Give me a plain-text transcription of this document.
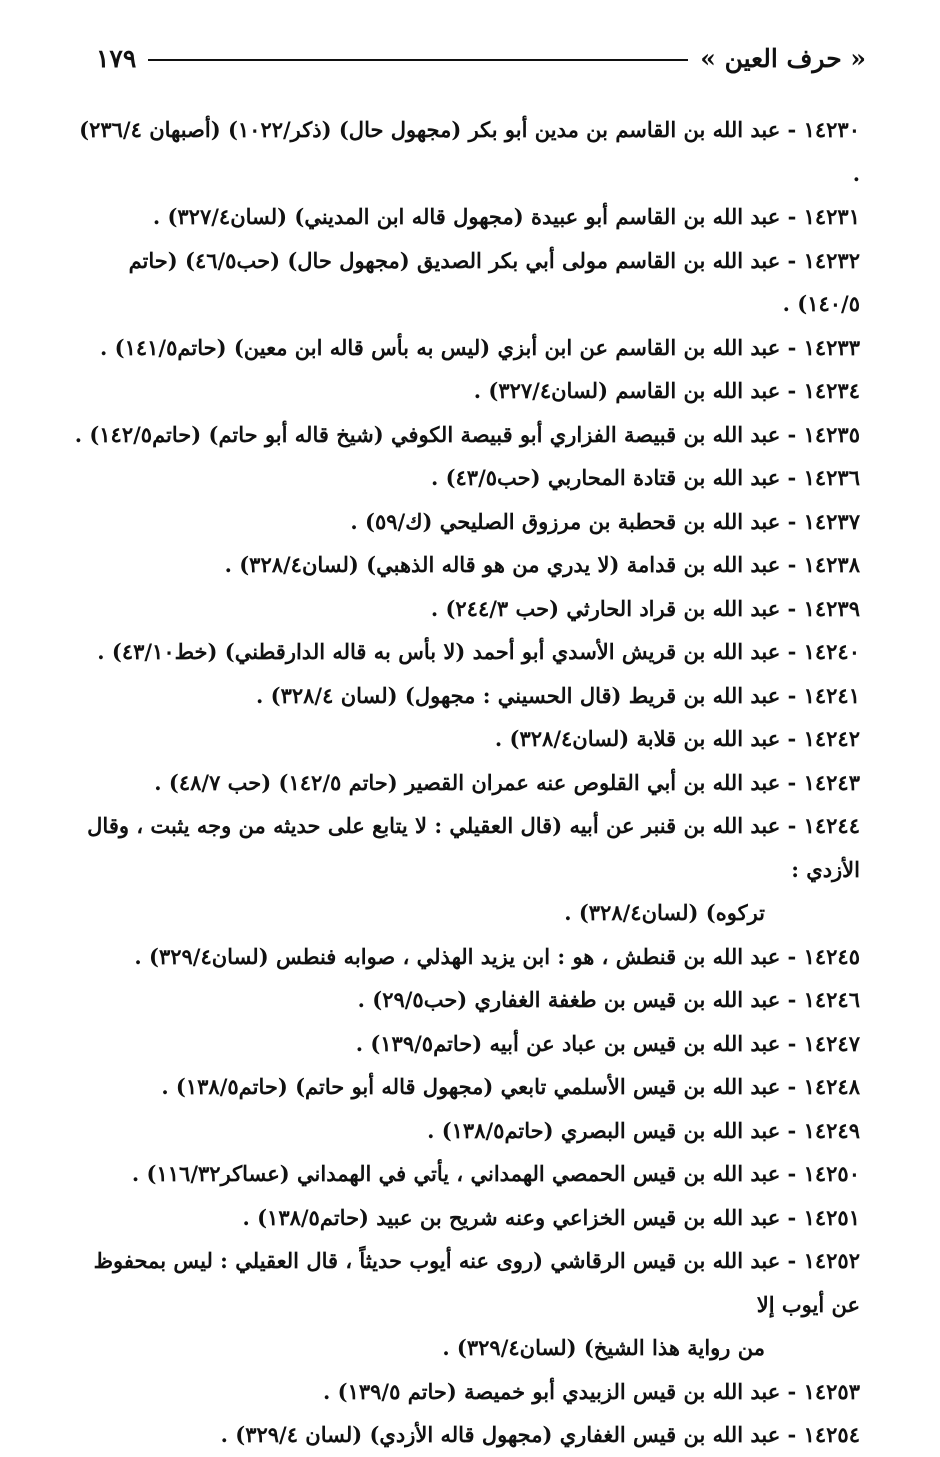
« حرف العين »
١٧٩
١٤٢٣٠ - عبد الله بن القاسم بن مدين أبو بكر (مجهول حال) (ذكر/١٠٢٢) (أصبهان ٢٣٦/٤) .
١٤٢٣١ - عبد الله بن القاسم أبو عبيدة (مجهول قاله ابن المديني) (لسان٣٢٧/٤) .
١٤٢٣٢ - عبد الله بن القاسم مولى أبي بكر الصديق (مجهول حال) (حب٤٦/٥) (حاتم ١٤٠/٥) .
١٤٢٣٣ - عبد الله بن القاسم عن ابن أبزي (ليس به بأس قاله ابن معين) (حاتم١٤١/٥) .
١٤٢٣٤ - عبد الله بن القاسم (لسان٣٢٧/٤) .
١٤٢٣٥ - عبد الله بن قبيصة الفزاري أبو قبيصة الكوفي (شيخ قاله أبو حاتم) (حاتم١٤٢/٥) .
١٤٢٣٦ - عبد الله بن قتادة المحاربي (حب٤٣/٥) .
١٤٢٣٧ - عبد الله بن قحطبة بن مرزوق الصليحي (ك/٥٩) .
١٤٢٣٨ - عبد الله بن قدامة (لا يدري من هو قاله الذهبي) (لسان٣٢٨/٤) .
١٤٢٣٩ - عبد الله بن قراد الحارثي (حب ٢٤٤/٣) .
١٤٢٤٠ - عبد الله بن قريش الأسدي أبو أحمد (لا بأس به قاله الدارقطني) (خط٤٣/١٠) .
١٤٢٤١ - عبد الله بن قريط (قال الحسيني : مجهول) (لسان ٣٢٨/٤) .
١٤٢٤٢ - عبد الله بن قلابة (لسان٣٢٨/٤) .
١٤٢٤٣ - عبد الله بن أبي القلوص عنه عمران القصير (حاتم ١٤٢/٥) (حب ٤٨/٧) .
١٤٢٤٤ - عبد الله بن قنبر عن أبيه (قال العقيلي : لا يتابع على حديثه من وجه يثبت ، وقال الأزدي :
تركوه) (لسان٣٢٨/٤) .
١٤٢٤٥ - عبد الله بن قنطش ، هو : ابن يزيد الهذلي ، صوابه فنطس (لسان٣٢٩/٤) .
١٤٢٤٦ - عبد الله بن قيس بن طغفة الغفاري (حب٢٩/٥) .
١٤٢٤٧ - عبد الله بن قيس بن عباد عن أبيه (حاتم١٣٩/٥) .
١٤٢٤٨ - عبد الله بن قيس الأسلمي تابعي (مجهول قاله أبو حاتم) (حاتم١٣٨/٥) .
١٤٢٤٩ - عبد الله بن قيس البصري (حاتم١٣٨/٥) .
١٤٢٥٠ - عبد الله بن قيس الحمصي الهمداني ، يأتي في الهمداني (عساكر١١٦/٣٢) .
١٤٢٥١ - عبد الله بن قيس الخزاعي وعنه شريح بن عبيد (حاتم١٣٨/٥) .
١٤٢٥٢ - عبد الله بن قيس الرقاشي (روى عنه أيوب حديثاً ، قال العقيلي : ليس بمحفوظ عن أيوب إلا
من رواية هذا الشيخ) (لسان٣٢٩/٤) .
١٤٢٥٣ - عبد الله بن قيس الزبيدي أبو خميصة (حاتم ١٣٩/٥) .
١٤٢٥٤ - عبد الله بن قيس الغفاري (مجهول قاله الأزدي) (لسان ٣٢٩/٤) .
